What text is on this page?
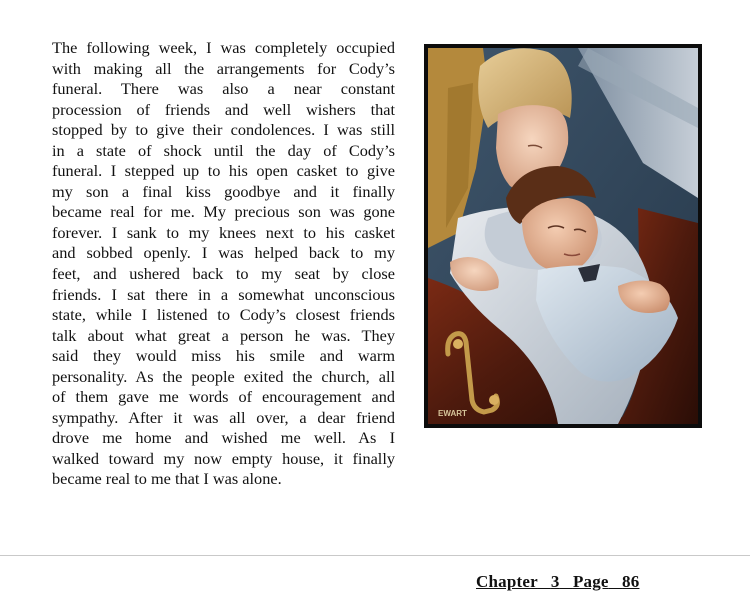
The following week, I was completely occupied
with making all the arrangements for Cody’s
funeral. There was also a near constant
procession of friends and well wishers that
stopped by to give their condolences. I was still
in a state of shock until the day of Cody’s
funeral. I stepped up to his open casket to give
my son a final kiss goodbye and it finally
became real for me. My precious son was gone
forever. I sank to my knees next to his casket
and sobbed openly. I was helped back to my
feet, and ushered back to my seat by close
friends. I sat there in a somewhat unconscious
state, while I listened to Cody’s closest friends
talk about what great a person he was. They
said they would miss his smile and warm
personality. As the people exited the church, all
of them gave me words of encouragement and
sympathy. After it was all over, a dear friend
drove me home and wished me well. As I
walked toward my now empty house, it finally
became real to me that I was alone.
EWART
Chapter 3 Page 86
